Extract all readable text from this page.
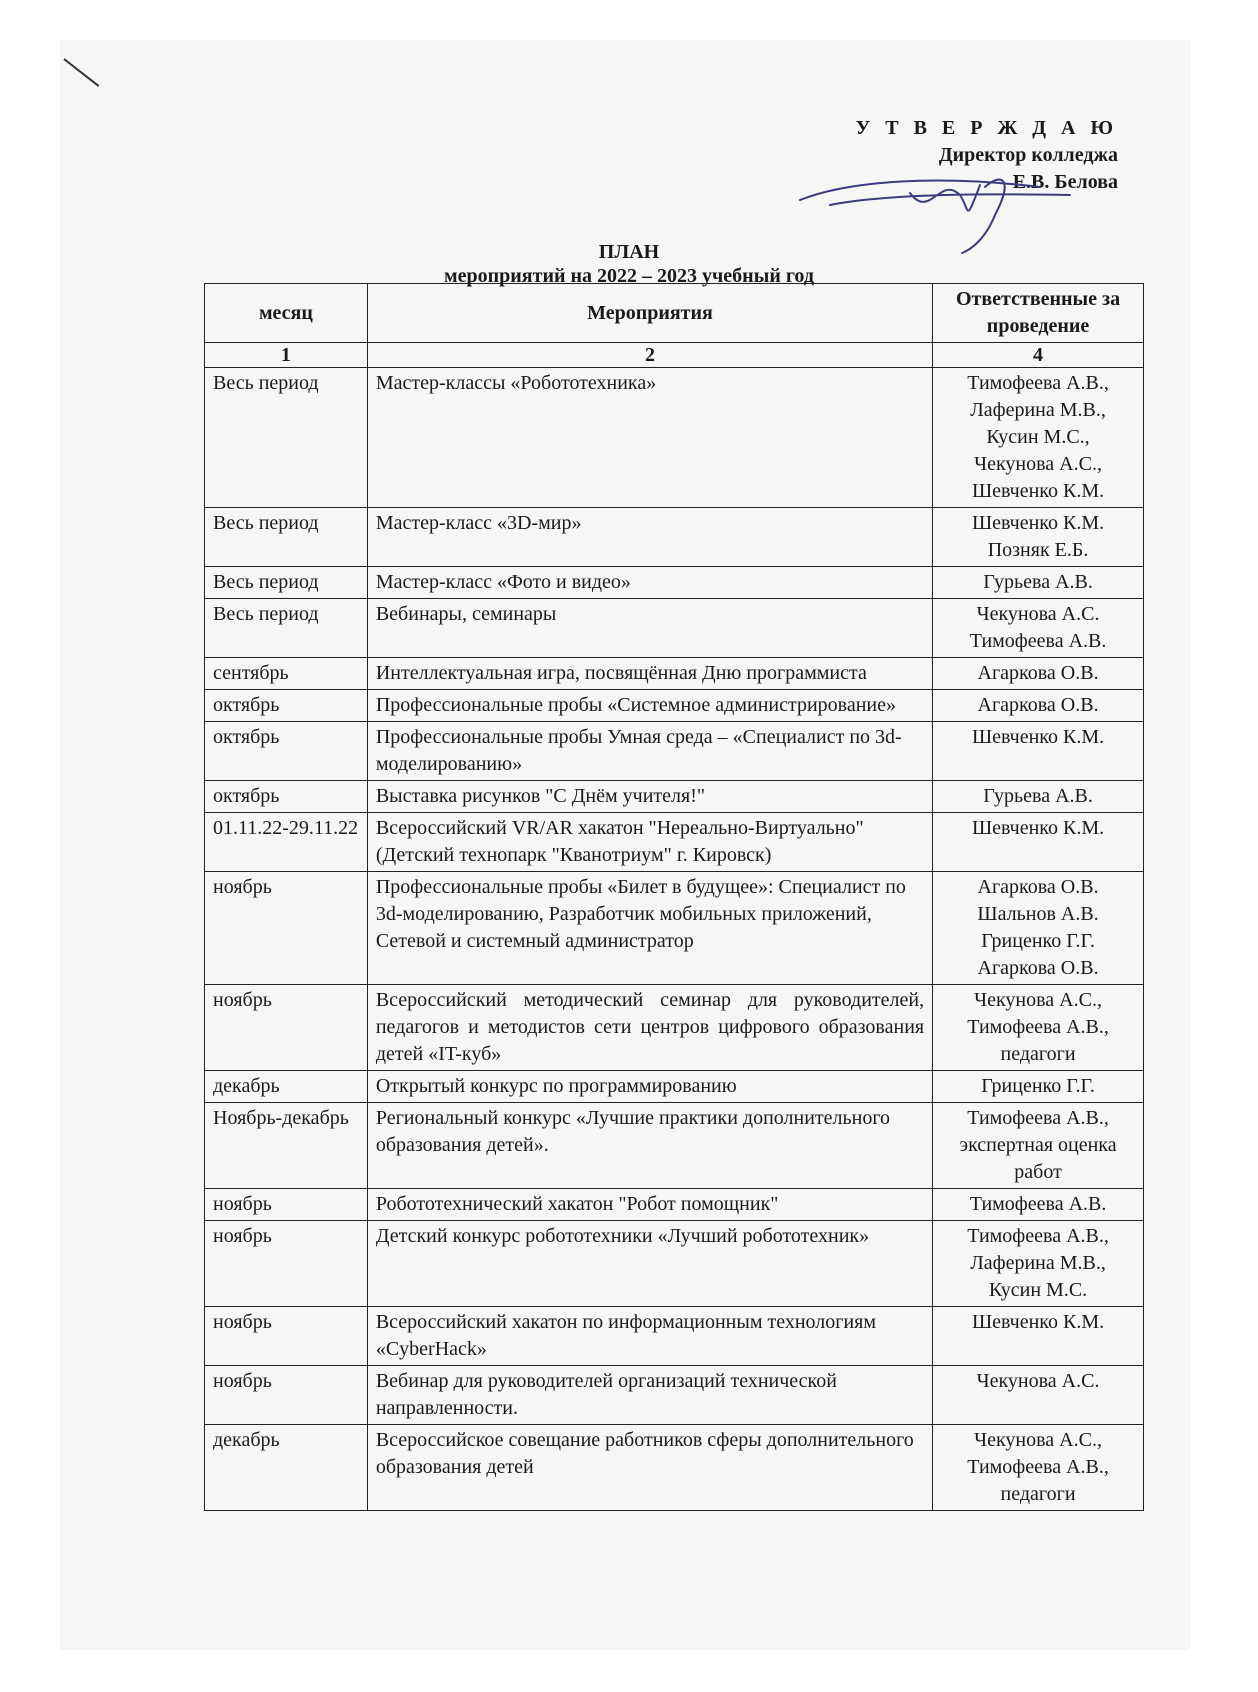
У Т В Е Р Ж Д А Ю
Директор колледжа
Е.В. Белова
ПЛАН
мероприятий на 2022 – 2023 учебный год
месяц	Мероприятия	Ответственные за проведение
1	2	4
Весь период	Мастер-классы «Робототехника»	Тимофеева А.В.,
Лаферина М.В.,
Кусин М.С.,
Чекунова А.С.,
Шевченко К.М.
Весь период	Мастер-класс «3D-мир»	Шевченко К.М.
Позняк Е.Б.
Весь период	Мастер-класс «Фото и видео»	Гурьева А.В.
Весь период	Вебинары, семинары	Чекунова А.С.
Тимофеева А.В.
сентябрь	Интеллектуальная игра, посвящённая Дню программиста	Агаркова О.В.
октябрь	Профессиональные пробы «Системное администрирование»	Агаркова О.В.
октябрь	Профессиональные пробы Умная среда – «Специалист по 3d-моделированию»	Шевченко К.М.
октябрь	Выставка рисунков "С Днём учителя!"	Гурьева А.В.
01.11.22-29.11.22	Всероссийский VR/AR хакатон "Нереально-Виртуально" (Детский технопарк "Кванотриум" г. Кировск)	Шевченко К.М.
ноябрь	Профессиональные пробы «Билет в будущее»: Специалист по 3d-моделированию, Разработчик мобильных приложений, Сетевой и системный администратор	Агаркова О.В.
Шальнов А.В.
Гриценко Г.Г.
Агаркова О.В.
ноябрь	Всероссийский методический семинар для руководителей, педагогов и методистов сети центров цифрового образования детей «IT-куб»	Чекунова А.С.,
Тимофеева А.В.,
педагоги
декабрь	Открытый конкурс по программированию	Гриценко Г.Г.
Ноябрь-декабрь	Региональный конкурс «Лучшие практики дополнительного образования детей».	Тимофеева А.В.,
экспертная оценка работ
ноябрь	Робототехнический хакатон "Робот помощник"	Тимофеева А.В.
ноябрь	Детский конкурс робототехники «Лучший робототехник»	Тимофеева А.В.,
Лаферина М.В.,
Кусин М.С.
ноябрь	Всероссийский хакатон по информационным технологиям «CyberHack»	Шевченко К.М.
ноябрь	Вебинар для руководителей организаций технической направленности.	Чекунова А.С.
декабрь	Всероссийское совещание работников сферы дополнительного образования детей	Чекунова А.С.,
Тимофеева А.В.,
педагоги
